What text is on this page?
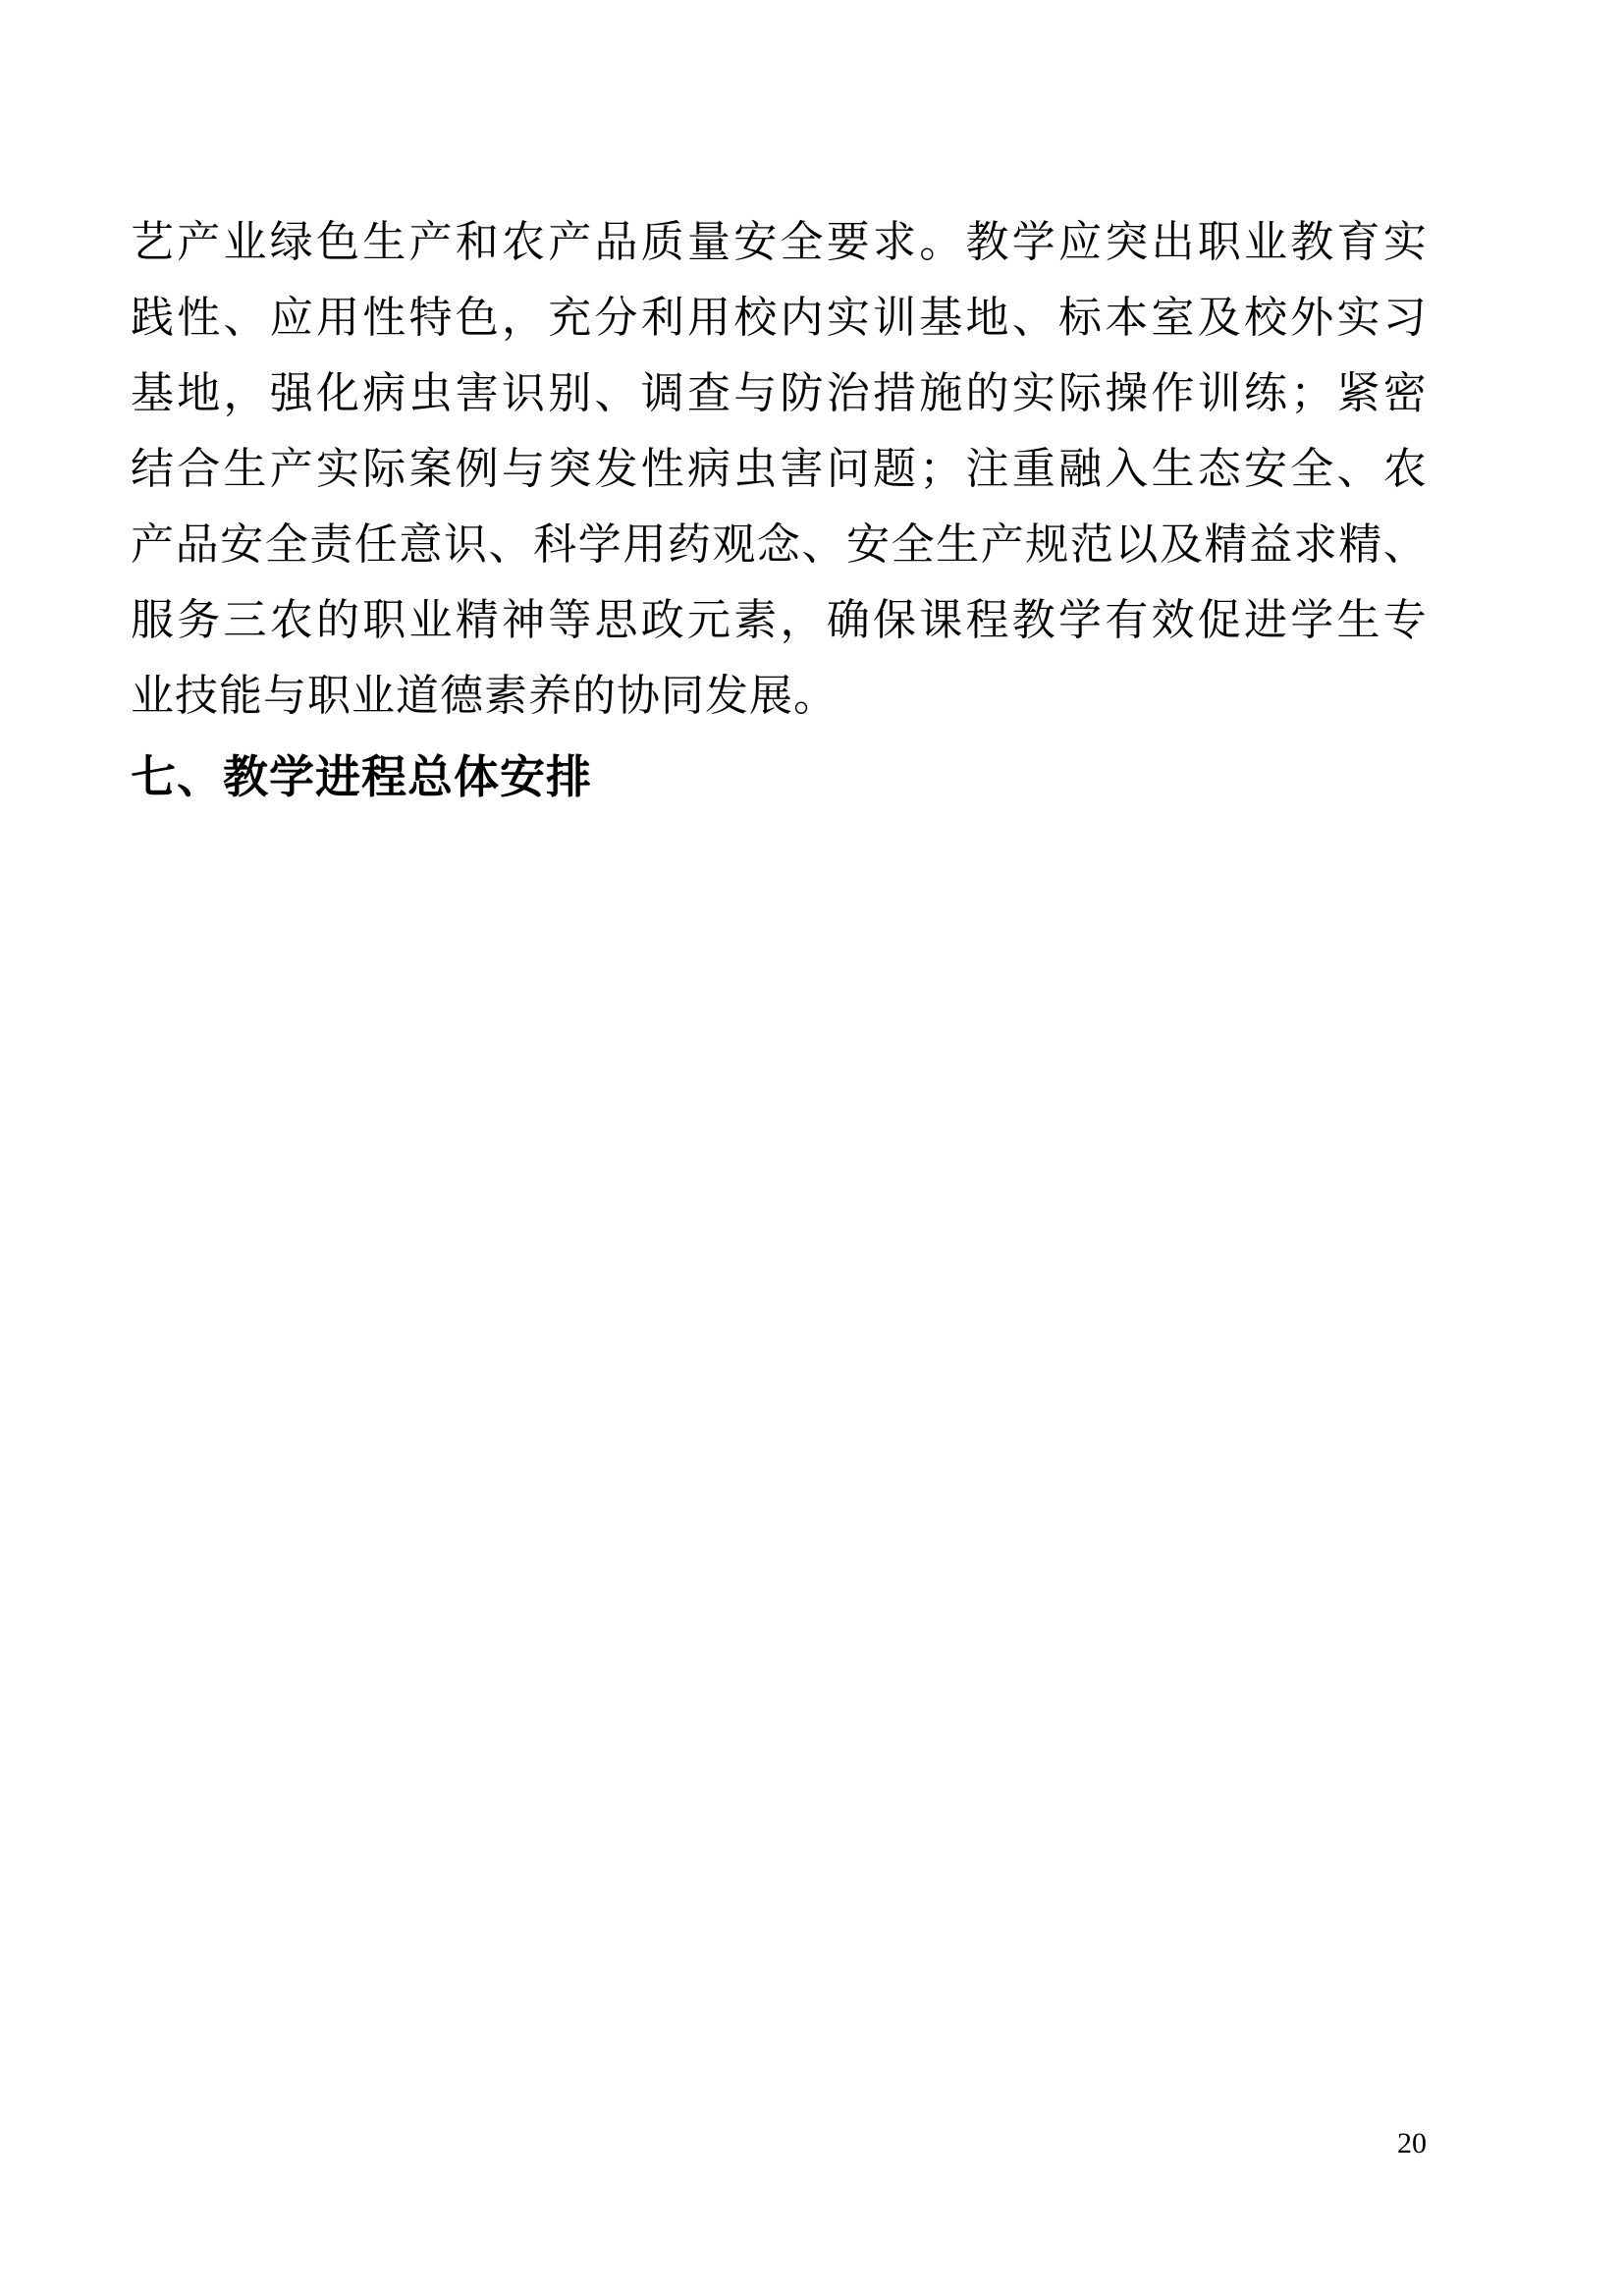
艺 产 业 绿 色 生 产 和 农 产 品 质 量 安 全 要 求 。 教 学 应 突 出 职 业 教 育 实
践 性 、 应 用 性 特 色 ， 充 分 利 用 校 内 实 训 基 地 、 标 本 室 及 校 外 实 习
基 地 ， 强 化 病 虫 害 识 别 、 调 查 与 防 治 措 施 的 实 际 操 作 训 练 ； 紧 密
结 合 生 产 实 际 案 例 与 突 发 性 病 虫 害 问 题 ； 注 重 融 入 生 态 安 全 、 农
产 品 安 全 责 任 意 识 、 科 学 用 药 观 念 、 安 全 生 产 规 范 以 及 精 益 求 精 、
服 务 三 农 的 职 业 精 神 等 思 政 元 素 ， 确 保 课 程 教 学 有 效 促 进 学 生 专
业技能与职业道德素养的协同发展。
七、教学进程总体安排
20
